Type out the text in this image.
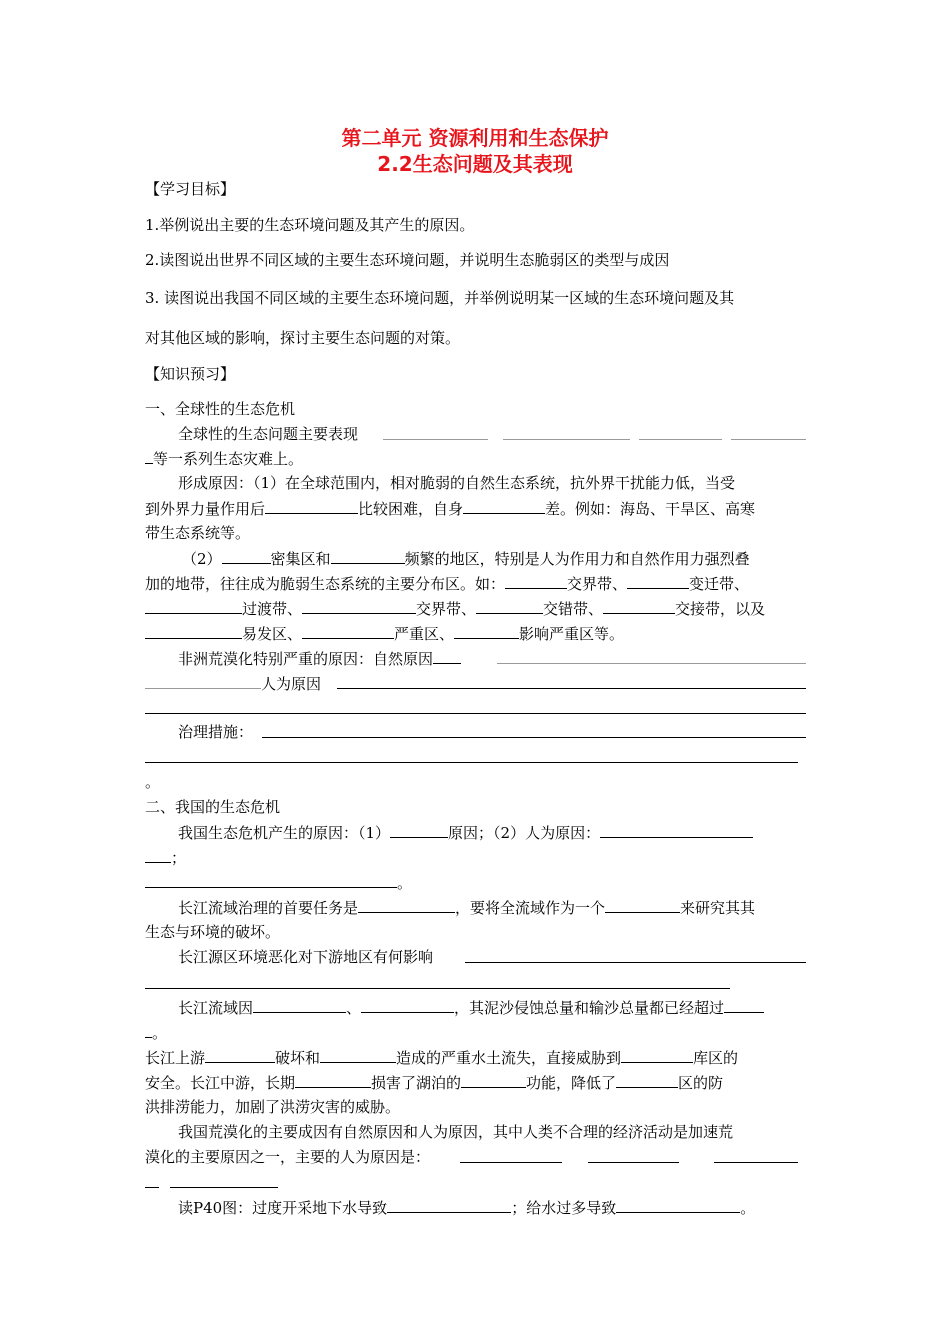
第二单元 资源利用和生态保护
2.2生态问题及其表现
【学习目标】
1.举例说出主要的生态环境问题及其产生的原因。
2.读图说出世界不同区域的主要生态环境问题，并说明生态脆弱区的类型与成因
3. 读图说出我国不同区域的主要生态环境问题，并举例说明某一区域的生态环境问题及其
对其他区域的影响，探讨主要生态问题的对策。
【知识预习】
一、全球性的生态危机
全球性的生态问题主要表现
等一系列生态灾难上。
形成原因：（1）在全球范围内，相对脆弱的自然生态系统，抗外界干扰能力低，当受
到外界力量作用后	比较困难，自身	差。例如：海岛、干旱区、高寒
带生态系统等。
（2）	密集区和	频繁的地区，特别是人为作用力和自然作用力强烈叠
加的地带，往往成为脆弱生态系统的主要分布区。如：	交界带、	变迁带、
过渡带、	交界带、	交错带、	交接带，以及
易发区、	严重区、	影响严重区等。
非洲荒漠化特别严重的原因：自然原因
人为原因
治理措施：
。
二、我国的生态危机
我国生态危机产生的原因：（1）	原因；（2）人为原因：
；
。
长江流域治理的首要任务是	，要将全流域作为一个	来研究其其
生态与环境的破坏。
长江源区环境恶化对下游地区有何影响
长江流域因	、	，其泥沙侵蚀总量和输沙总量都已经超过
。
长江上游	破坏和	造成的严重水土流失，直接威胁到	库区的
安全。长江中游，长期	损害了湖泊的	功能，降低了	区的防
洪排涝能力，加剧了洪涝灾害的威胁。
我国荒漠化的主要成因有自然原因和人为原因，其中人类不合理的经济活动是加速荒
漠化的主要原因之一，主要的人为原因是：
读P40图：过度开采地下水导致	；给水过多导致	。
